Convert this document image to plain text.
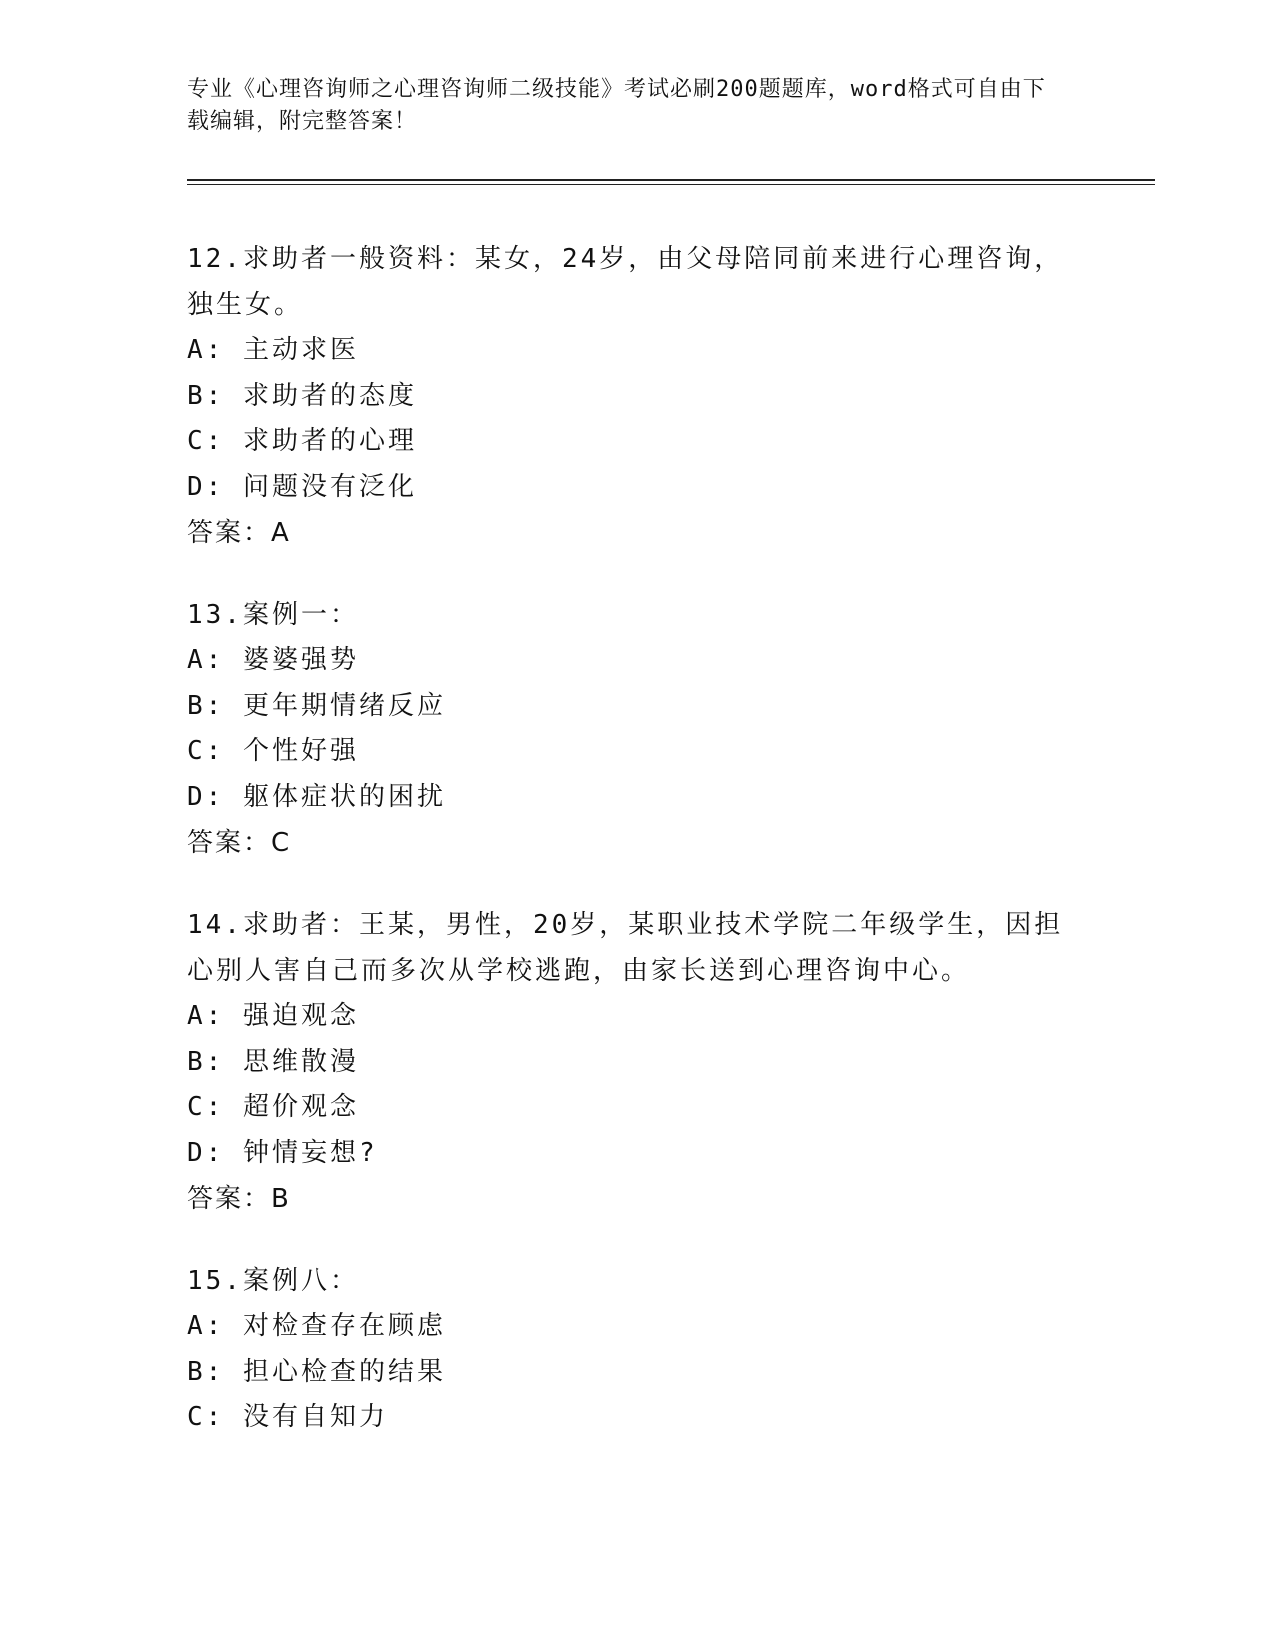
专业《心理咨询师之心理咨询师二级技能》考试必刷200题题库，word格式可自由下载编辑，附完整答案！
12.求助者一般资料：某女，24岁，由父母陪同前来进行心理咨询，独生女。
A: 主动求医
B: 求助者的态度
C: 求助者的心理
D: 问题没有泛化
答案：A
13.案例一：
A: 婆婆强势
B: 更年期情绪反应
C: 个性好强
D: 躯体症状的困扰
答案：C
14.求助者：王某，男性，20岁，某职业技术学院二年级学生，因担心别人害自己而多次从学校逃跑，由家长送到心理咨询中心。
A: 强迫观念
B: 思维散漫
C: 超价观念
D: 钟情妄想?
答案：B
15.案例八：
A: 对检查存在顾虑
B: 担心检查的结果
C: 没有自知力
